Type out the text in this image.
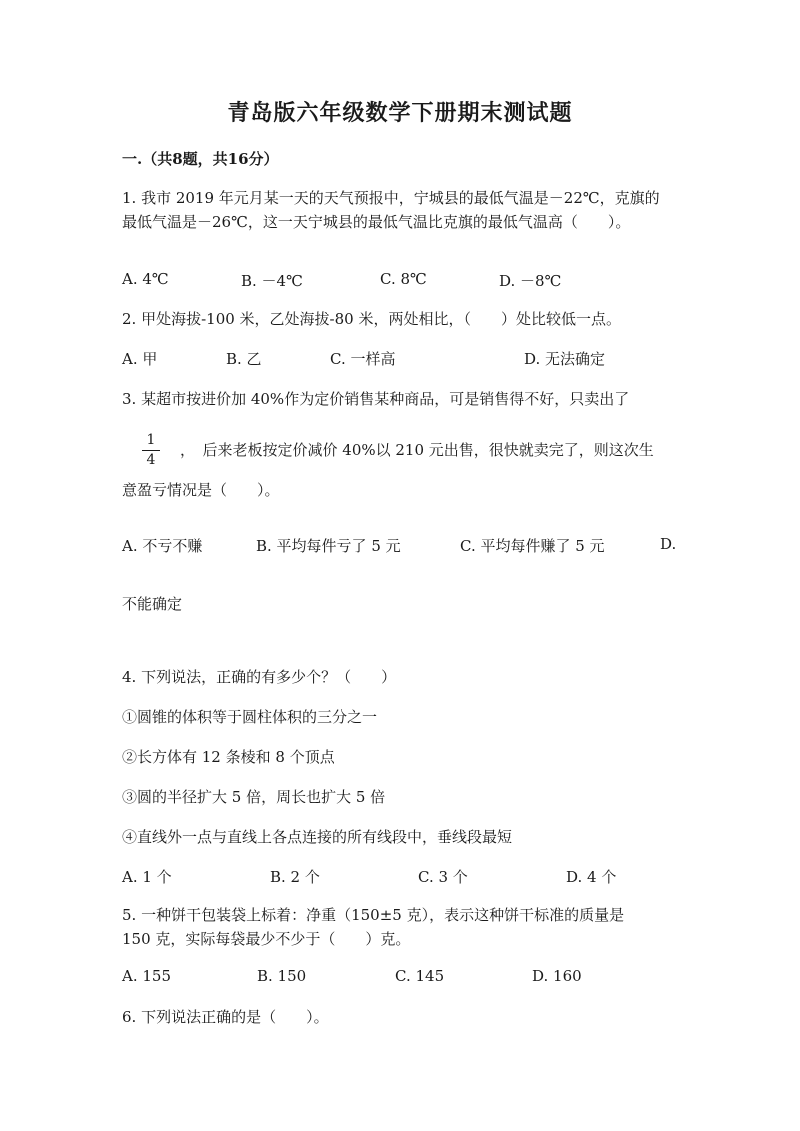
青岛版六年级数学下册期末测试题
一.（共8题，共16分）
1. 我市 2019 年元月某一天的天气预报中，宁城县的最低气温是－22℃，克旗的
最低气温是－26℃，这一天宁城县的最低气温比克旗的最低气温高（　　）。
A. 4℃	B. －4℃	C. 8℃	D. －8℃
2. 甲处海拔-100 米，乙处海拔-80 米，两处相比，（　　）处比较低一点。
A. 甲	B. 乙	C. 一样高	D. 无法确定
3. 某超市按进价加 40%作为定价销售某种商品，可是销售得不好，只卖出了
1
4
，　后来老板按定价减价 40%以 210 元出售，很快就卖完了，则这次生
意盈亏情况是（　　）。
A. 不亏不赚	B. 平均每件亏了 5 元	C. 平均每件赚了 5 元	D.
不能确定
4. 下列说法，正确的有多少个？（　　）
①圆锥的体积等于圆柱体积的三分之一
②长方体有 12 条棱和 8 个顶点
③圆的半径扩大 5 倍，周长也扩大 5 倍
④直线外一点与直线上各点连接的所有线段中，垂线段最短
A. 1 个	B. 2 个	C. 3 个	D. 4 个
5. 一种饼干包装袋上标着：净重（150±5 克），表示这种饼干标准的质量是
150 克，实际每袋最少不少于（　　）克。
A. 155	B. 150	C. 145	D. 160
6. 下列说法正确的是（　　）。
